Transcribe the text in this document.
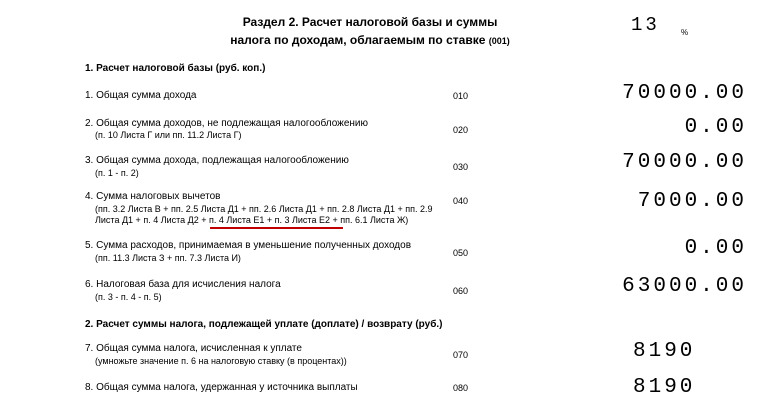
Раздел 2. Расчет налоговой базы и суммы
налога по доходам, облагаемым по ставке (001)
13	%
1. Расчет налоговой базы (руб. коп.)
1. Общая сумма дохода	010	70000.00
2. Общая сумма доходов, не подлежащая налогообложению
(п. 10 Листа Г или пп. 11.2 Листа Г)	020	0.00
3. Общая сумма дохода, подлежащая налогообложению
(п. 1 - п. 2)
030	70000.00
4. Сумма налоговых вычетов
(пп. 3.2 Листа В + пп. 2.5 Листа Д1 + пп. 2.6 Листа Д1 + пп. 2.8 Листа Д1 + пп. 2.9
Листа Д1 + п. 4 Листа Д2 + п. 4 Листа Е1 + п. 3 Листа Е2 + пп. 6.1 Листа Ж)
040	7000.00
5. Сумма расходов, принимаемая в уменьшение полученных доходов
(пп. 11.3 Листа З + пп. 7.3 Листа И)	050	0.00
6. Налоговая база для исчисления налога
(п. 3 - п. 4 - п. 5)
060	63000.00
2. Расчет суммы налога, подлежащей уплате (доплате) / возврату (руб.)
7. Общая сумма налога, исчисленная к уплате
(умножьте значение п. 6 на налоговую ставку (в процентах))
070	8190
8. Общая сумма налога, удержанная у источника выплаты	080	8190
